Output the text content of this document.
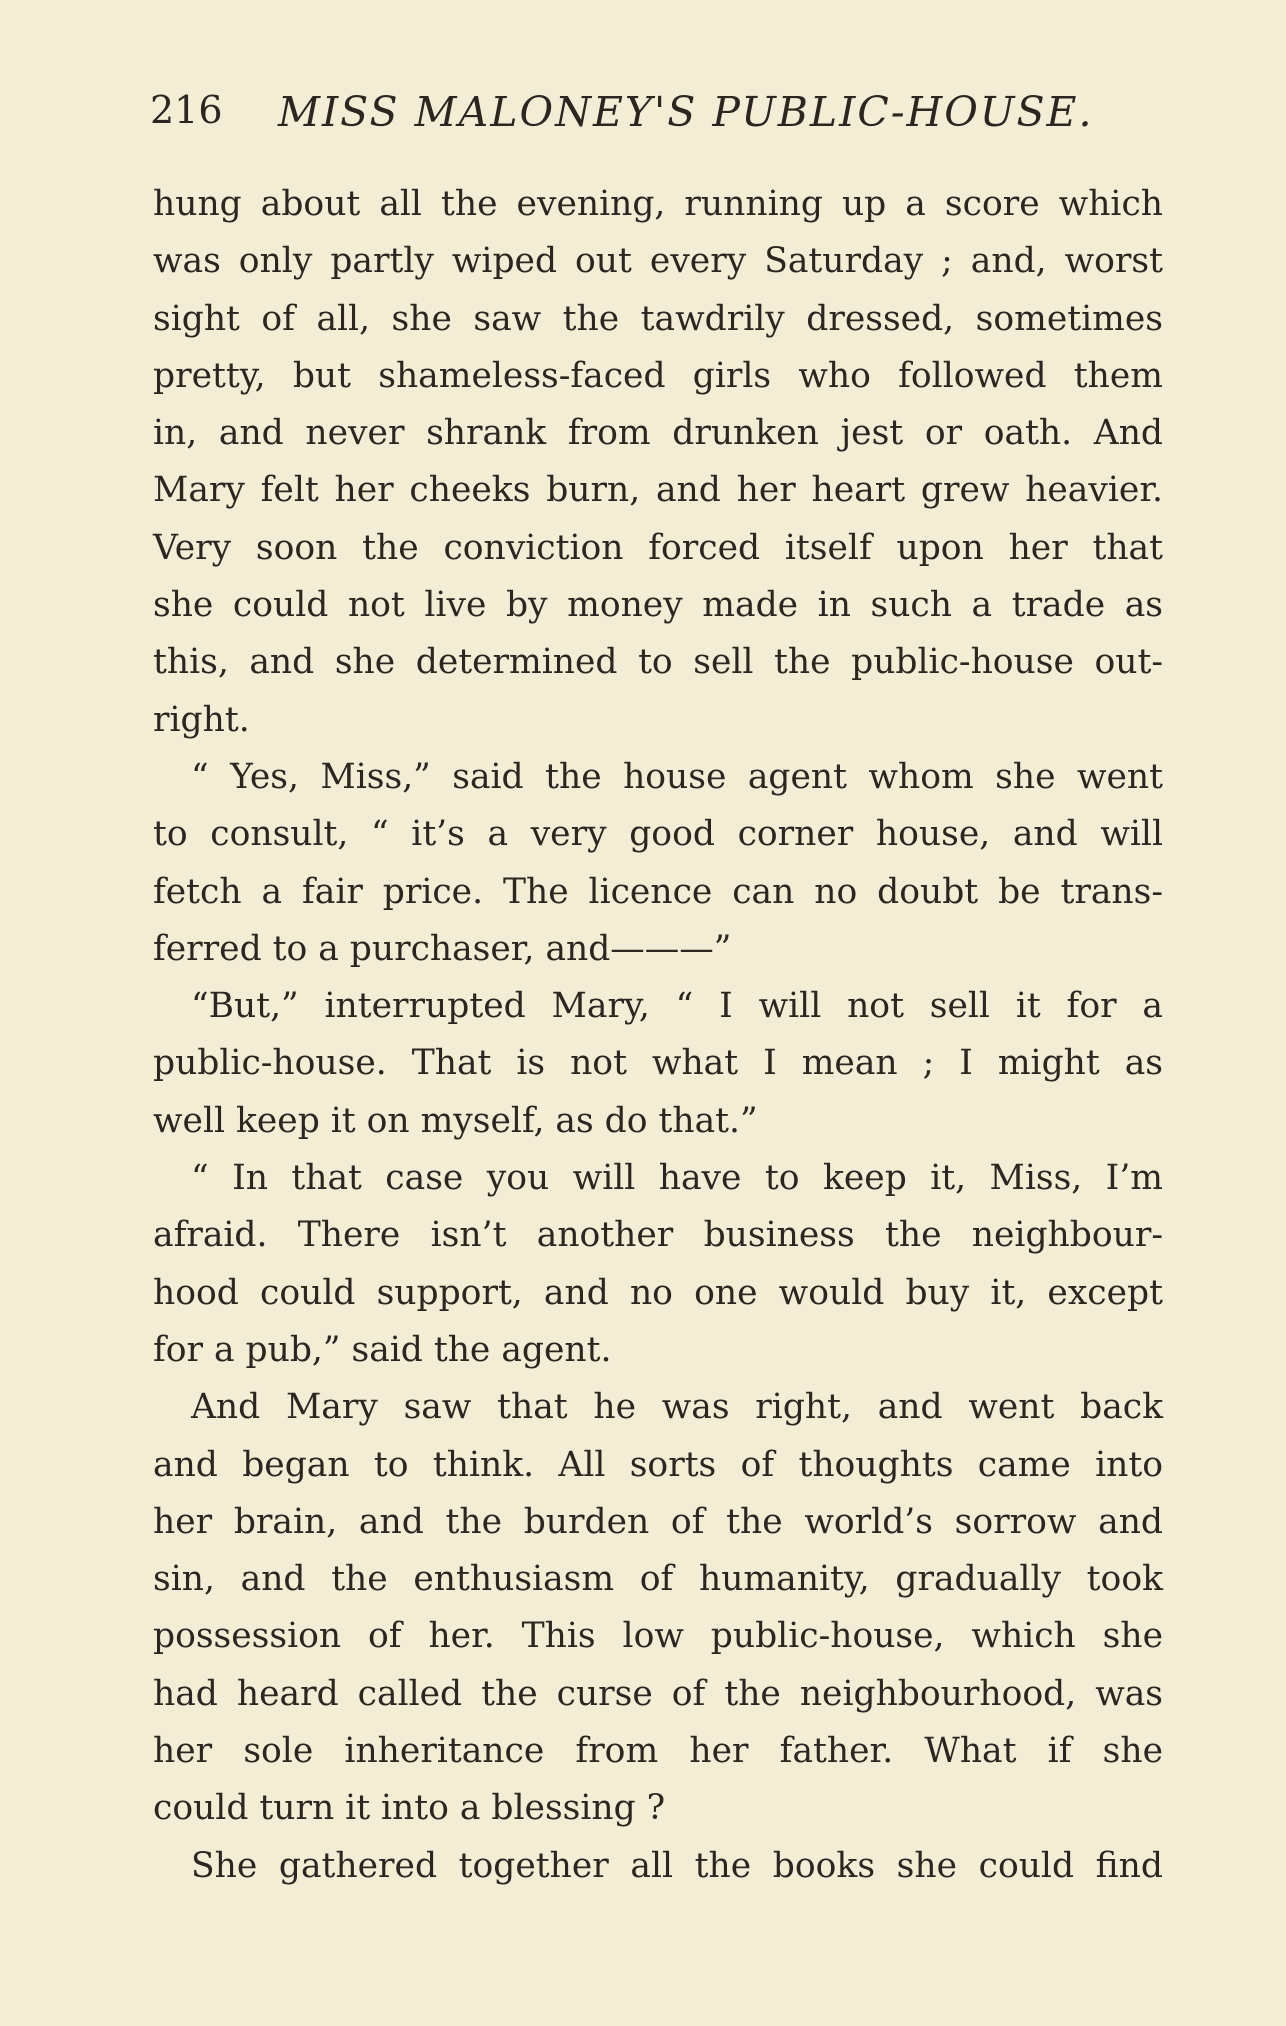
216 MISS MALONEY'S PUBLIC-HOUSE.
hung about all the evening, running up a score which
was only partly wiped out every Saturday ; and, worst
sight of all, she saw the tawdrily dressed, sometimes
pretty, but shameless-faced girls who followed them
in, and never shrank from drunken jest or oath. And
Mary felt her cheeks burn, and her heart grew heavier.
Very soon the conviction forced itself upon her that
she could not live by money made in such a trade as
this, and she determined to sell the public-house out-
right.
“ Yes, Miss,” said the house agent whom she went
to consult, “ it’s a very good corner house, and will
fetch a fair price. The licence can no doubt be trans-
ferred to a purchaser, and———”
“But,” interrupted Mary, “ I will not sell it for a
public-house. That is not what I mean ; I might as
well keep it on myself, as do that.”
“ In that case you will have to keep it, Miss, I’m
afraid. There isn’t another business the neighbour-
hood could support, and no one would buy it, except
for a pub,” said the agent.
And Mary saw that he was right, and went back
and began to think. All sorts of thoughts came into
her brain, and the burden of the world’s sorrow and
sin, and the enthusiasm of humanity, gradually took
possession of her. This low public-house, which she
had heard called the curse of the neighbourhood, was
her sole inheritance from her father. What if she
could turn it into a blessing ?
She gathered together all the books she could find
